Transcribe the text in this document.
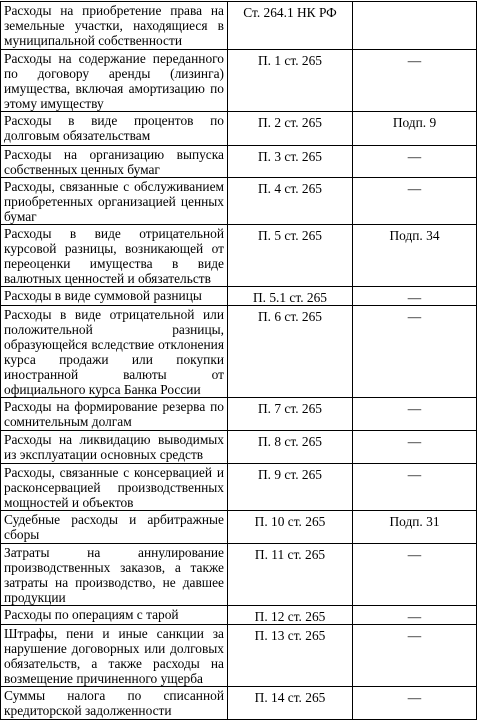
Расходы на приобретение права на земельные участки, находящиеся в муниципальной собственности	Ст. 264.1 НК РФ	
Расходы на содержание переданного по договору аренды (лизинга) имущества, включая амортизацию по этому имуществу	П. 1 ст. 265	—
Расходы в виде процентов по долговым обязательствам	П. 2 ст. 265	Подп. 9
Расходы на организацию выпуска собственных ценных бумаг	П. 3 ст. 265	—
Расходы, связанные с обслуживанием приобретенных организацией ценных бумаг	П. 4 ст. 265	—
Расходы в виде отрицательной курсовой разницы, возникающей от переоценки имущества в виде валютных ценностей и обязательств	П. 5 ст. 265	Подп. 34
Расходы в виде суммовой разницы	П. 5.1 ст. 265	—
Расходы в виде отрицательной или положительной разницы, образующейся вследствие отклонения курса продажи или покупки иностранной валюты от официального курса Банка России	П. 6 ст. 265	—
Расходы на формирование резерва по сомнительным долгам	П. 7 ст. 265	—
Расходы на ликвидацию выводимых из эксплуатации основных средств	П. 8 ст. 265	—
Расходы, связанные с консервацией и расконсервацией производственных мощностей и объектов	П. 9 ст. 265	—
Судебные расходы и арбитражные сборы	П. 10 ст. 265	Подп. 31
Затраты на аннулирование производственных заказов, а также затраты на производство, не давшее продукции	П. 11 ст. 265	—
Расходы по операциям с тарой	П. 12 ст. 265	—
Штрафы, пени и иные санкции за нарушение договорных или долговых обязательств, а также расходы на возмещение причиненного ущерба	П. 13 ст. 265	—
Суммы налога по списанной кредиторской задолженности	П. 14 ст. 265	—
